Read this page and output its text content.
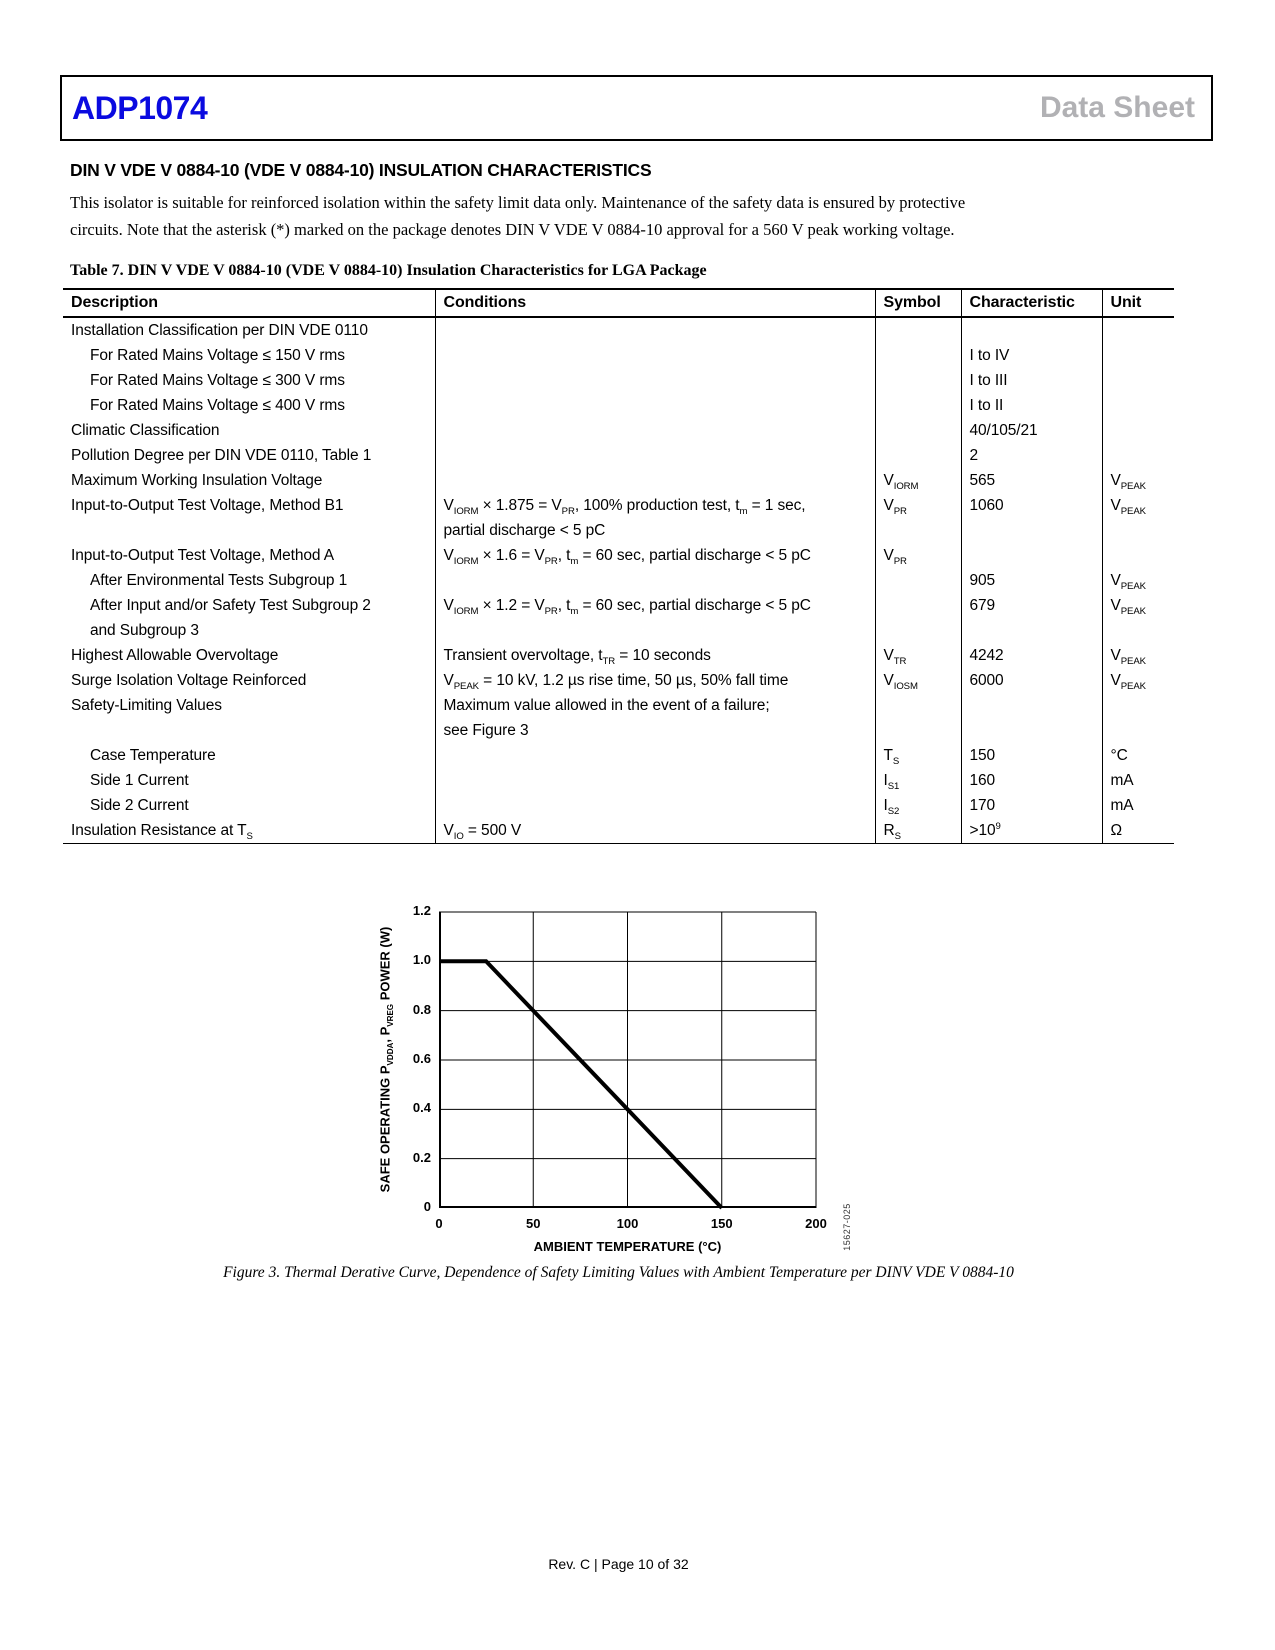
ADP1074	Data Sheet
DIN V VDE V 0884-10 (VDE V 0884-10) INSULATION CHARACTERISTICS
This isolator is suitable for reinforced isolation within the safety limit data only. Maintenance of the safety data is ensured by protective
circuits. Note that the asterisk (*) marked on the package denotes DIN V VDE V 0884-10 approval for a 560 V peak working voltage.
Table 7. DIN V VDE V 0884-10 (VDE V 0884-10) Insulation Characteristics for LGA Package
Description	Conditions	Symbol	Characteristic	Unit
Installation Classification per DIN VDE 0110				
For Rated Mains Voltage ≤ 150 V rms			I to IV	
For Rated Mains Voltage ≤ 300 V rms			I to III	
For Rated Mains Voltage ≤ 400 V rms			I to II	
Climatic Classification			40/105/21	
Pollution Degree per DIN VDE 0110, Table 1			2	
Maximum Working Insulation Voltage		$V_{IORM}$	565	$V_{PEAK}$
Input-to-Output Test Voltage, Method B1	$V_{IORM} \times 1.875 = V_{PR}$, 100% production test, $t_m = 1$ sec,
partial discharge < 5 pC	$V_{PR}$	1060	$V_{PEAK}$
Input-to-Output Test Voltage, Method A	$V_{IORM} \times 1.6 = V_{PR}$, $t_m = 60$ sec, partial discharge < 5 pC	$V_{PR}$		
After Environmental Tests Subgroup 1			905	$V_{PEAK}$
After Input and/or Safety Test Subgroup 2
and Subgroup 3	$V_{IORM} \times 1.2 = V_{PR}$, $t_m = 60$ sec, partial discharge < 5 pC		679	$V_{PEAK}$
Highest Allowable Overvoltage	Transient overvoltage, $t_{TR} = 10$ seconds	$V_{TR}$	4242	$V_{PEAK}$
Surge Isolation Voltage Reinforced	$V_{PEAK} = 10$ kV, 1.2 µs rise time, 50 µs, 50% fall time	$V_{IOSM}$	6000	$V_{PEAK}$
Safety-Limiting Values	Maximum value allowed in the event of a failure;
see Figure 3			
Case Temperature		$T_S$	150	°C
Side 1 Current		$I_{S1}$	160	mA
Side 2 Current		$I_{S2}$	170	mA
Insulation Resistance at $T_S$	$V_{IO} = 500$ V	$R_S$	$>10^9$	Ω
SAFE OPERATING $P_{VDDA}$, $P_{VREG}$ POWER (W)
AMBIENT TEMPERATURE (°C)	15627-025
0
0.2
0.4
0.6
0.8
1.0
1.2
0	50	100	150	200
Figure 3. Thermal Derative Curve, Dependence of Safety Limiting Values with Ambient Temperature per DINV VDE V 0884-10
Rev. C | Page 10 of 32
